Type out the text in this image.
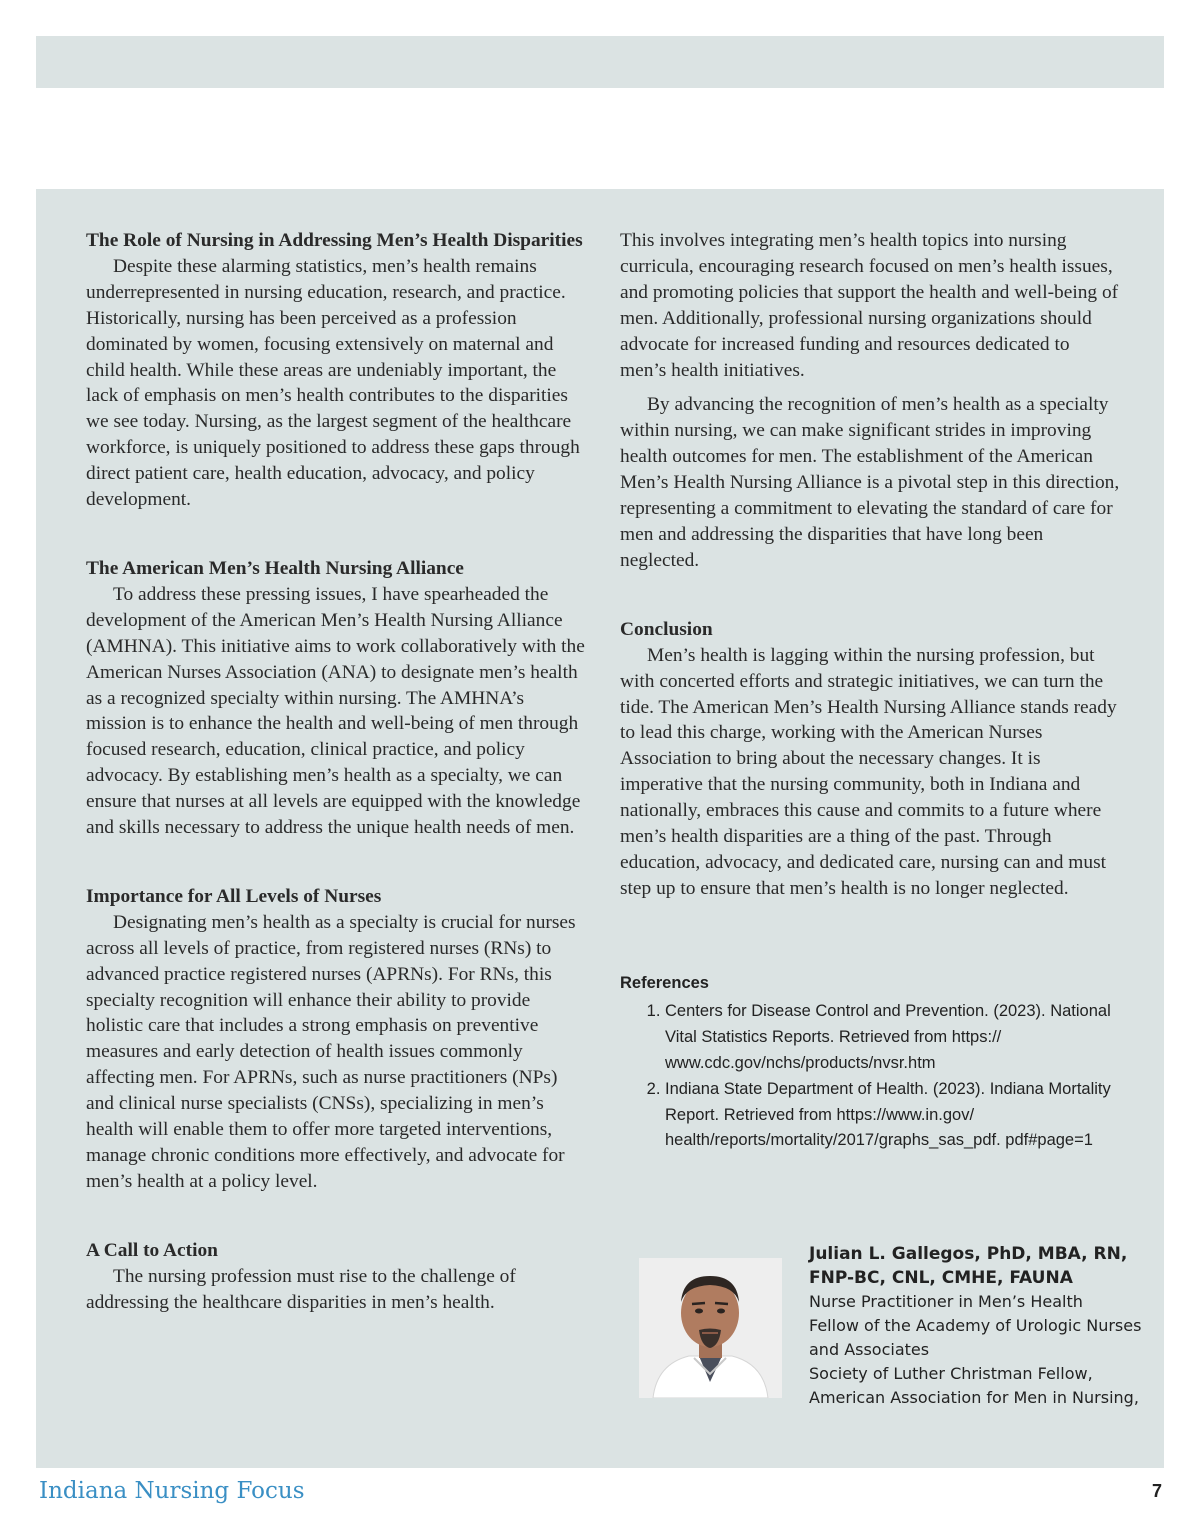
The Role of Nursing in Addressing Men’s Health Disparities

Despite these alarming statistics, men’s health remains underrepresented in nursing education, research, and practice. Historically, nursing has been perceived as a profession dominated by women, focusing extensively on maternal and child health. While these areas are undeniably important, the lack of emphasis on men’s health contributes to the disparities we see today. Nursing, as the largest segment of the healthcare workforce, is uniquely positioned to address these gaps through direct patient care, health education, advocacy, and policy development.

The American Men’s Health Nursing Alliance

To address these pressing issues, I have spearheaded the development of the American Men’s Health Nursing Alliance (AMHNA). This initiative aims to work collaboratively with the American Nurses Association (ANA) to designate men’s health as a recognized specialty within nursing. The AMHNA’s mission is to enhance the health and well-being of men through focused research, education, clinical practice, and policy advocacy. By establishing men’s health as a specialty, we can ensure that nurses at all levels are equipped with the knowledge and skills necessary to address the unique health needs of men.

Importance for All Levels of Nurses

Designating men’s health as a specialty is crucial for nurses across all levels of practice, from registered nurses (RNs) to advanced practice registered nurses (APRNs). For RNs, this specialty recognition will enhance their ability to provide holistic care that includes a strong emphasis on preventive measures and early detection of health issues commonly affecting men. For APRNs, such as nurse practitioners (NPs) and clinical nurse specialists (CNSs), specializing in men’s health will enable them to offer more targeted interventions, manage chronic conditions more effectively, and advocate for men’s health at a policy level.

A Call to Action

The nursing profession must rise to the challenge of addressing the healthcare disparities in men’s health.

This involves integrating men’s health topics into nursing curricula, encouraging research focused on men’s health issues, and promoting policies that support the health and well-being of men. Additionally, professional nursing organizations should advocate for increased funding and resources dedicated to men’s health initiatives.

By advancing the recognition of men’s health as a specialty within nursing, we can make significant strides in improving health outcomes for men. The establishment of the American Men’s Health Nursing Alliance is a pivotal step in this direction, representing a commitment to elevating the standard of care for men and addressing the disparities that have long been neglected.

Conclusion

Men’s health is lagging within the nursing profession, but with concerted efforts and strategic initiatives, we can turn the tide. The American Men’s Health Nursing Alliance stands ready to lead this charge, working with the American Nurses Association to bring about the necessary changes. It is imperative that the nursing community, both in Indiana and nationally, embraces this cause and commits to a future where men’s health disparities are a thing of the past. Through education, advocacy, and dedicated care, nursing can and must step up to ensure that men’s health is no longer neglected.

References
1. Centers for Disease Control and Prevention. (2023). National Vital Statistics Reports. Retrieved from https:// www.cdc.gov/nchs/products/nvsr.htm
2. Indiana State Department of Health. (2023). Indiana Mortality Report. Retrieved from https://www.in.gov/ health/reports/mortality/2017/graphs_sas_pdf. pdf#page=1
Julian L. Gallegos, PhD, MBA, RN, FNP-BC, CNL, CMHE, FAUNA
Nurse Practitioner in Men’s Health
Fellow of the Academy of Urologic Nurses and Associates
Society of Luther Christman Fellow, American Association for Men in Nursing,
Indiana Nursing Focus	7
